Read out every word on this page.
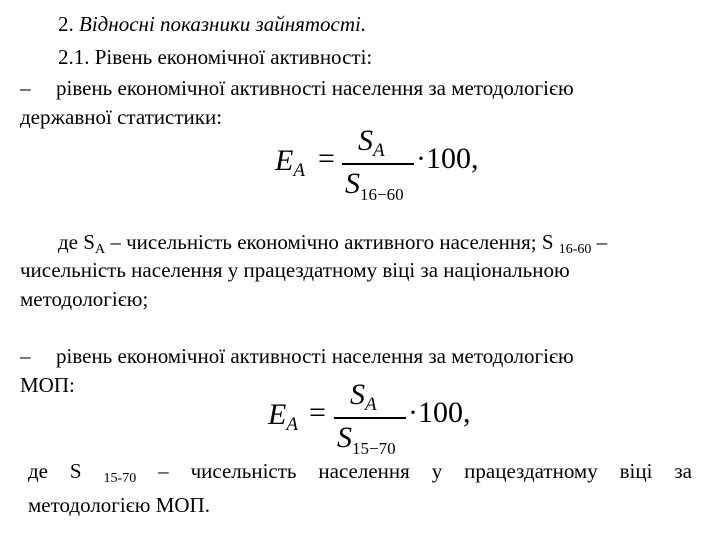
2. Відносні показники зайнятості.
2.1. Рівень економічної активності:
– рівень економічної активності населення за методологією
державної статистики:
$E_A$ =
$S_A$
$S_{16-60}$
·100,
де $S_A$ – чисельність економічно активного населення; S $_{16-60}$ –
чисельність населення у працездатному віці за національною
методологією;
– рівень економічної активності населення за методологією
МОП:
$E_A$ =
$S_A$
$S_{15-70}$
·100,
де S $_{15-70}$ – чисельність населення у працездатному віці за
методологією МОП.
